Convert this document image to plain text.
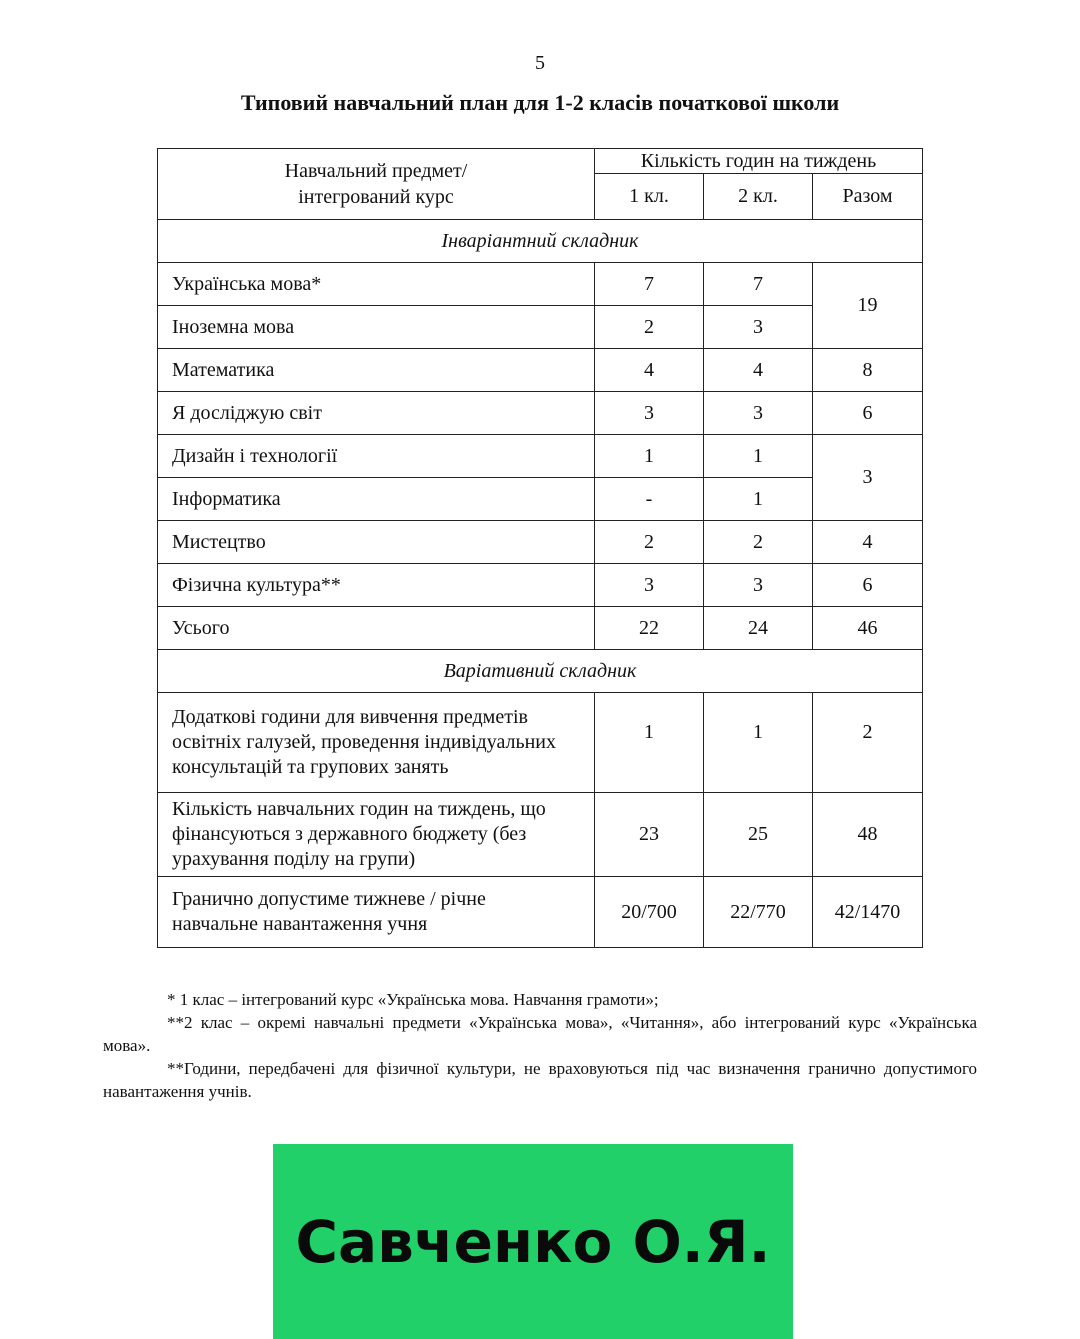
5
Типовий навчальний план для 1-2 класів початкової школи
Навчальний предмет/
інтегрований курс	Кількість годин на тиждень		
	1 кл.	2 кл.	Разом
Інваріантний складник			
Українська мова*	7	7	19
Іноземна мова	2	3	
Математика	4	4	8
Я досліджую світ	3	3	6
Дизайн і технології	1	1	3
Інформатика	-	1	
Мистецтво	2	2	4
Фізична культура**	3	3	6
Усього	22	24	46
Варіативний складник			

Додаткові години для вивчення предметів
освітніх галузей, проведення індивідуальних
консультацій та групових занять	1	1	2

Кількість навчальних годин на тиждень, що
фінансуються з державного бюджету (без
урахування поділу на групи)	23	25	48

Гранично допустиме тижневе / річне
навчальне навантаження учня	20/700	22/770	42/1470

* 1 клас – інтегрований курс «Українська мова. Навчання грамоти»;

**2 клас – окремі навчальні предмети «Українська мова», «Читання», або інтегрований курс «Українська мова».

**Години, передбачені для фізичної культури, не враховуються під час визначення гранично допустимого навантаження учнів.

Савченко О.Я.
